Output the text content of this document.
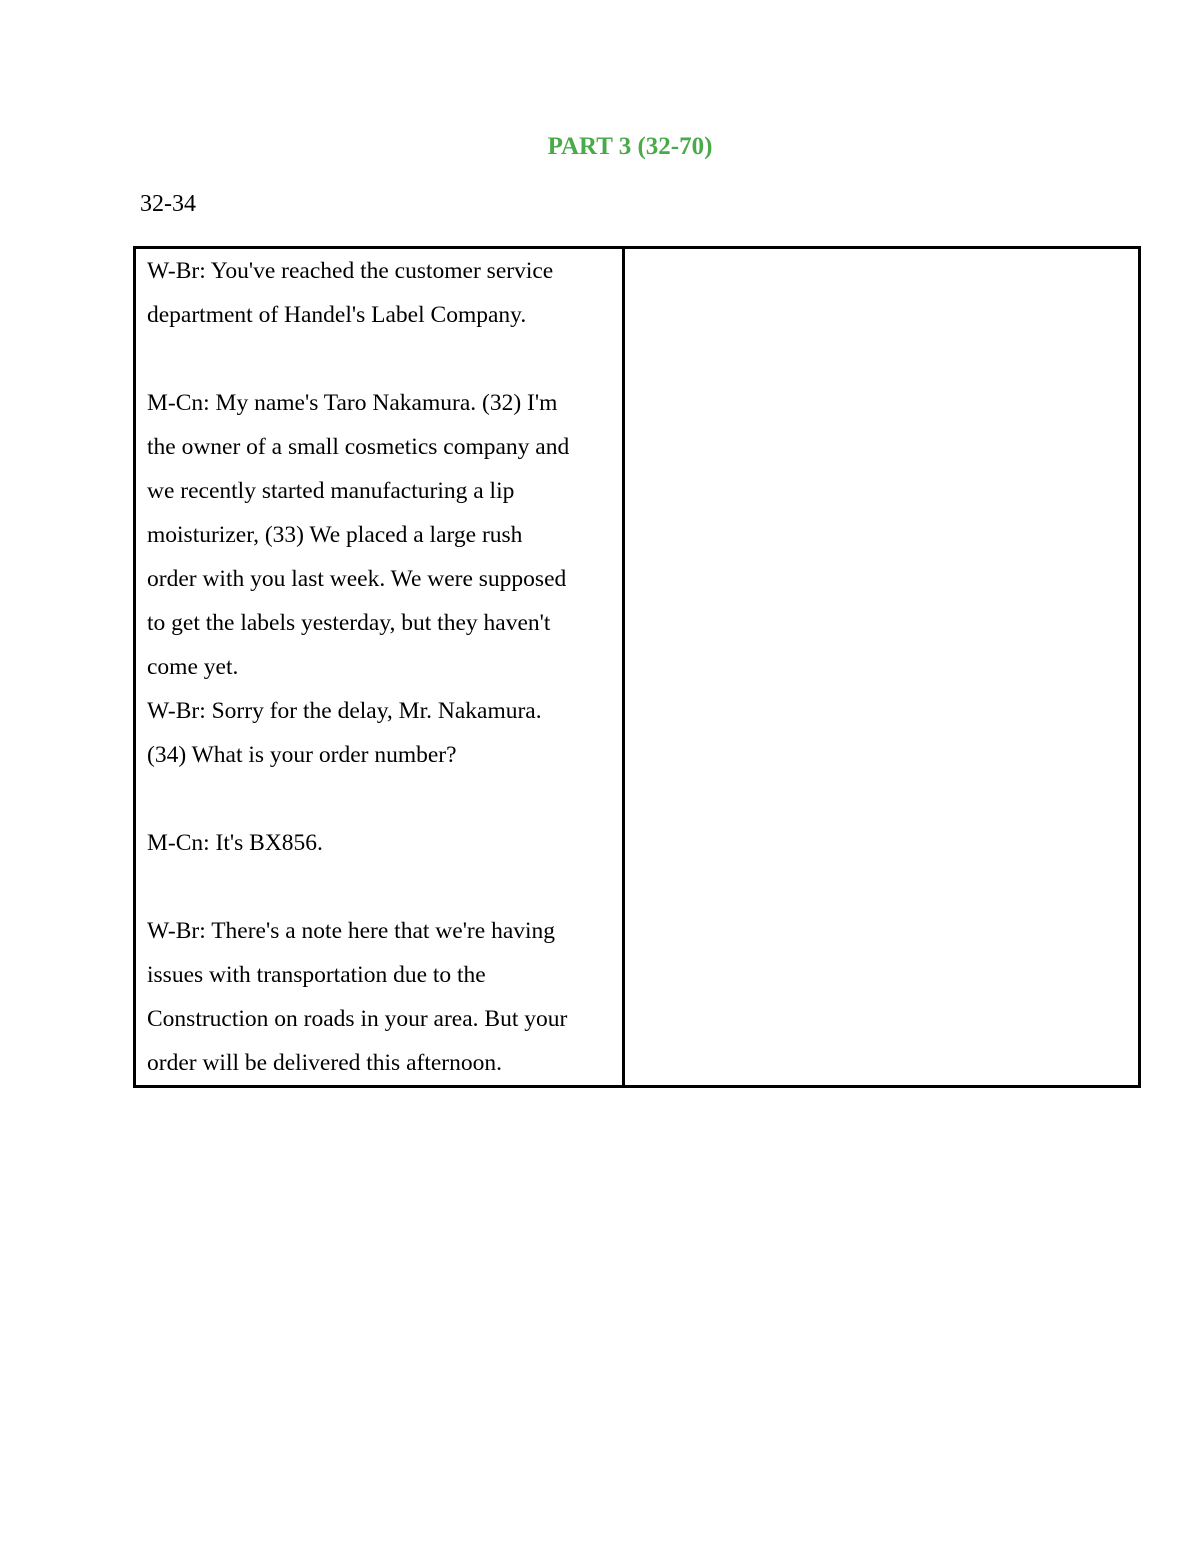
PART 3 (32-70)

32-34

W-Br: You've reached the customer service
department of Handel's Label Company.
M-Cn: My name's Taro Nakamura. (32) I'm
the owner of a small cosmetics company and
we recently started manufacturing a lip
moisturizer, (33) We placed a large rush
order with you last week. We were supposed
to get the labels yesterday, but they haven't
come yet.
W-Br: Sorry for the delay, Mr. Nakamura.
(34) What is your order number?
M-Cn: It's BX856.
W-Br: There's a note here that we're having
issues with transportation due to the
Construction on roads in your area. But your
order will be delivered this afternoon.
